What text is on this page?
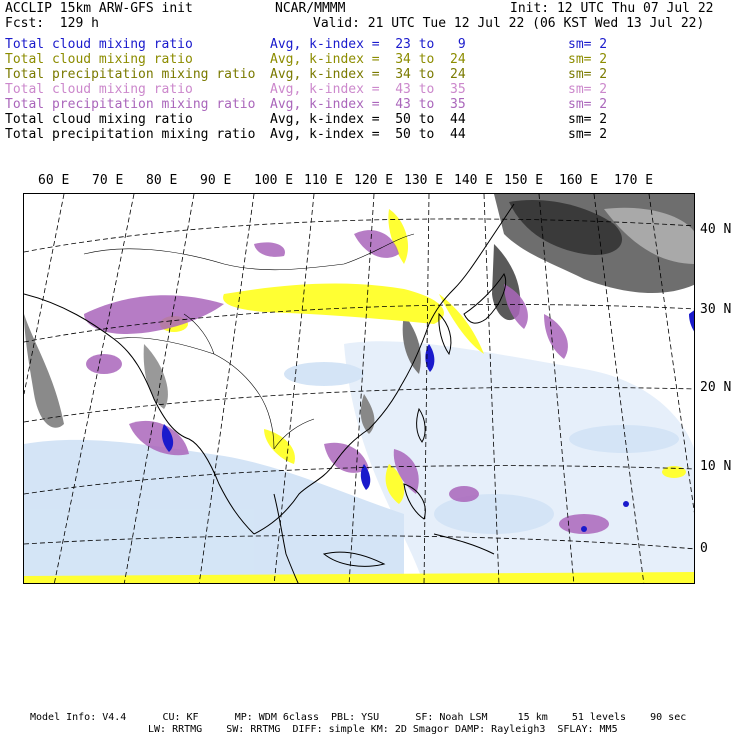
ACCLIP 15km ARW-GFS init	NCAR/MMMM	Init: 12 UTC Thu 07 Jul 22
Fcst:  129 h	Valid: 21 UTC Tue 12 Jul 22 (06 KST Wed 13 Jul 22)
Total cloud mixing ratio	Avg, k-index =  23 to   9	sm= 2
Total cloud mixing ratio	Avg, k-index =  34 to  24	sm= 2
Total precipitation mixing ratio Avg, k-index =  34 to  24	sm= 2
Total cloud mixing ratio	Avg, k-index =  43 to  35	sm= 2
Total precipitation mixing ratio Avg, k-index =  43 to  35	sm= 2
Total cloud mixing ratio	Avg, k-index =  50 to  44	sm= 2
Total precipitation mixing ratio Avg, k-index =  50 to  44	sm= 2
60 E 70 E 80 E 90 E 100 E 110 E 120 E 130 E 140 E 150 E 160 E 170 E
40 N
30 N
20 N
10 N
0
Model Info: V4.4      CU: KF      MP: WDM 6class  PBL: YSU      SF: Noah LSM     15 km    51 levels    90 sec
LW: RRTMG    SW: RRTMG  DIFF: simple KM: 2D Smagor DAMP: Rayleigh3  SFLAY: MM5
